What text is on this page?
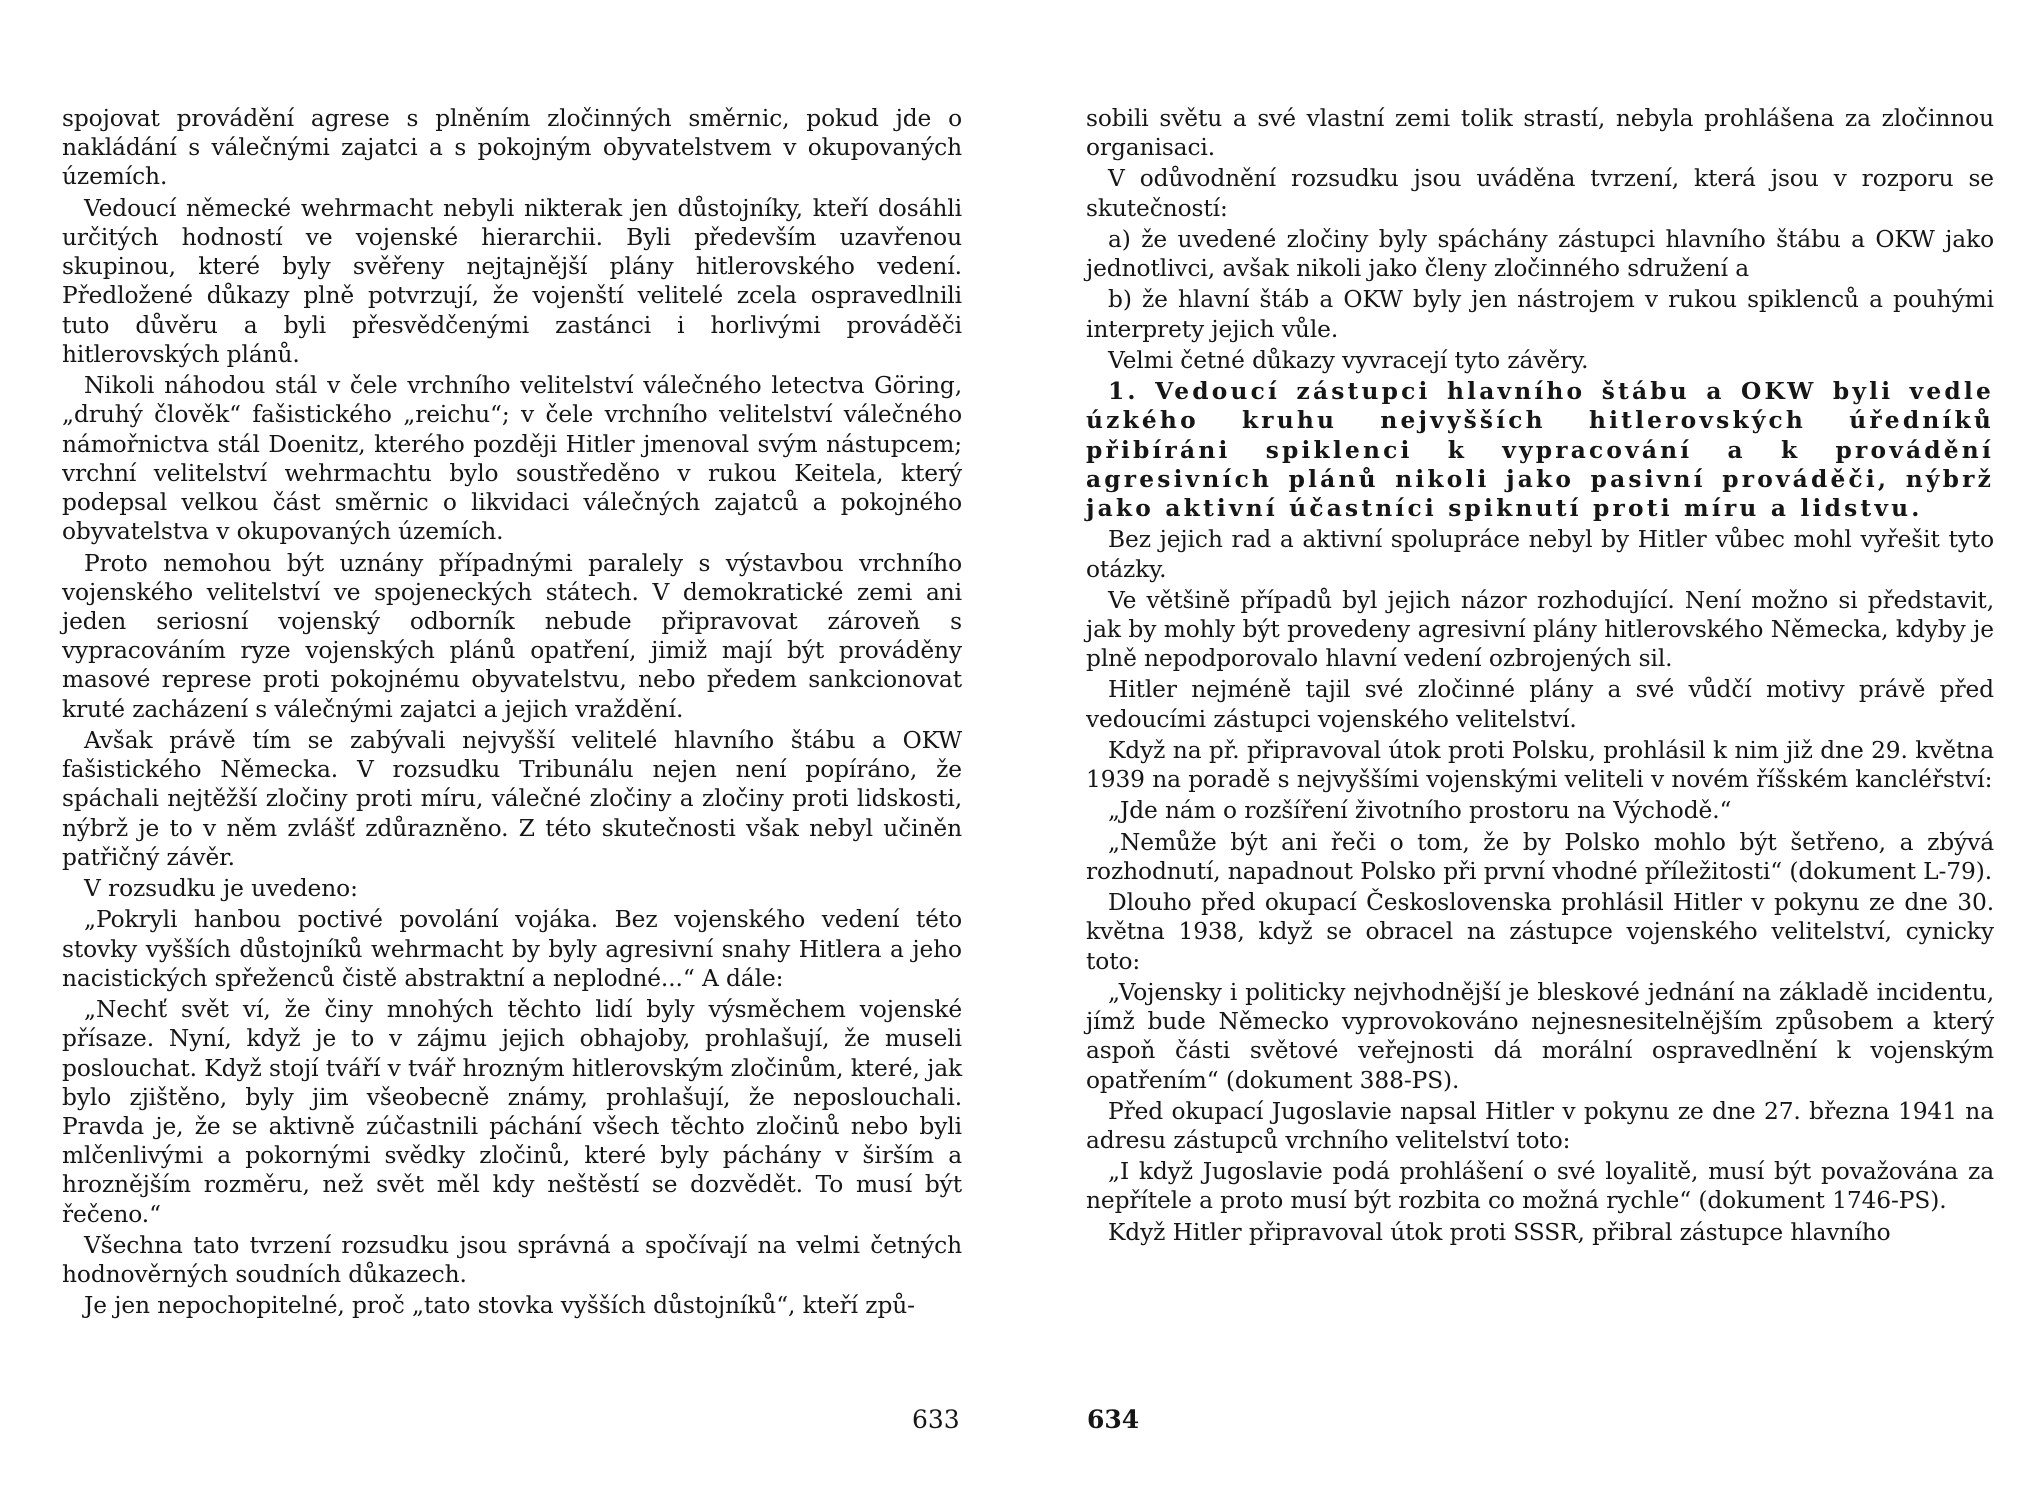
spojovat provádění agrese s plněním zločinných směrnic, pokud jde o nakládání s válečnými zajatci a s pokojným obyvatelstvem v okupovaných územích.

Vedoucí německé wehrmacht nebyli nikterak jen důstojníky, kteří dosáhli určitých hodností ve vojenské hierarchii. Byli především uzavřenou skupinou, které byly svěřeny nejtajnější plány hitlerovského vedení. Předložené důkazy plně potvrzují, že vojenští velitelé zcela ospravedlnili tuto důvěru a byli přesvědčenými zastánci i horlivými prováděči hitlerovských plánů.

Nikoli náhodou stál v čele vrchního velitelství válečného letectva Göring, „druhý člověk“ fašistického „reichu“; v čele vrchního velitelství válečného námořnictva stál Doenitz, kterého později Hitler jmenoval svým nástupcem; vrchní velitelství wehrmachtu bylo soustředěno v rukou Keitela, který podepsal velkou část směrnic o likvidaci válečných zajatců a pokojného obyvatelstva v okupovaných územích.

Proto nemohou být uznány případnými paralely s výstavbou vrchního vojenského velitelství ve spojeneckých státech. V demokratické zemi ani jeden seriosní vojenský odborník nebude připravovat zároveň s vypracováním ryze vojenských plánů opatření, jimiž mají být prováděny masové represe proti pokojnému obyvatelstvu, nebo předem sankcionovat kruté zacházení s válečnými zajatci a jejich vraždění.

Avšak právě tím se zabývali nejvyšší velitelé hlavního štábu a OKW fašistického Německa. V rozsudku Tribunálu nejen není popíráno, že spáchali nejtěžší zločiny proti míru, válečné zločiny a zločiny proti lidskosti, nýbrž je to v něm zvlášť zdůrazněno. Z této skutečnosti však nebyl učiněn patřičný závěr.

V rozsudku je uvedeno:

„Pokryli hanbou poctivé povolání vojáka. Bez vojenského vedení této stovky vyšších důstojníků wehrmacht by byly agresivní snahy Hitlera a jeho nacistických spřeženců čistě abstraktní a neplodné...“ A dále:

„Nechť svět ví, že činy mnohých těchto lidí byly výsměchem vojenské přísaze. Nyní, když je to v zájmu jejich obhajoby, prohlašují, že museli poslouchat. Když stojí tváří v tvář hrozným hitlerovským zločinům, které, jak bylo zjištěno, byly jim všeobecně známy, prohlašují, že neposlouchali. Pravda je, že se aktivně zúčastnili páchání všech těchto zločinů nebo byli mlčenlivými a pokornými svědky zločinů, které byly páchány v širším a hroznějším rozměru, než svět měl kdy neštěstí se dozvědět. To musí být řečeno.“

Všechna tato tvrzení rozsudku jsou správná a spočívají na velmi četných hodnověrných soudních důkazech.

Je jen nepochopitelné, proč „tato stovka vyšších důstojníků“, kteří způ-

633

sobili světu a své vlastní zemi tolik strastí, nebyla prohlášena za zločinnou organisaci.

V odůvodnění rozsudku jsou uváděna tvrzení, která jsou v rozporu se skutečností:

a) že uvedené zločiny byly spáchány zástupci hlavního štábu a OKW jako jednotlivci, avšak nikoli jako členy zločinného sdružení a

b) že hlavní štáb a OKW byly jen nástrojem v rukou spiklenců a pouhými interprety jejich vůle.

Velmi četné důkazy vyvracejí tyto závěry.

1. Vedoucí zástupci hlavního štábu a OKW byli vedle úzkého kruhu nejvyšších hitlerovských úředníků přibíráni spiklenci k vypracování a k provádění agresivních plánů nikoli jako pasivní prováděči, nýbrž jako aktivní účastníci spiknutí proti míru a lidstvu.

Bez jejich rad a aktivní spolupráce nebyl by Hitler vůbec mohl vyřešit tyto otázky.

Ve většině případů byl jejich názor rozhodující. Není možno si představit, jak by mohly být provedeny agresivní plány hitlerovského Německa, kdyby je plně nepodporovalo hlavní vedení ozbrojených sil.

Hitler nejméně tajil své zločinné plány a své vůdčí motivy právě před vedoucími zástupci vojenského velitelství.

Když na př. připravoval útok proti Polsku, prohlásil k nim již dne 29. května 1939 na poradě s nejvyššími vojenskými veliteli v novém říšském kancléřství:

„Jde nám o rozšíření životního prostoru na Východě.“

„Nemůže být ani řeči o tom, že by Polsko mohlo být šetřeno, a zbývá rozhodnutí, napadnout Polsko při první vhodné příležitosti“ (dokument L-79).

Dlouho před okupací Československa prohlásil Hitler v pokynu ze dne 30. května 1938, když se obracel na zástupce vojenského velitelství, cynicky toto:

„Vojensky i politicky nejvhodnější je bleskové jednání na základě incidentu, jímž bude Německo vyprovokováno nejnesnesitelnějším způsobem a který aspoň části světové veřejnosti dá morální ospravedlnění k vojenským opatřením“ (dokument 388-PS).

Před okupací Jugoslavie napsal Hitler v pokynu ze dne 27. března 1941 na adresu zástupců vrchního velitelství toto:

„I když Jugoslavie podá prohlášení o své loyalitě, musí být považována za nepřítele a proto musí být rozbita co možná rychle“ (dokument 1746-PS).

Když Hitler připravoval útok proti SSSR, přibral zástupce hlavního

634
